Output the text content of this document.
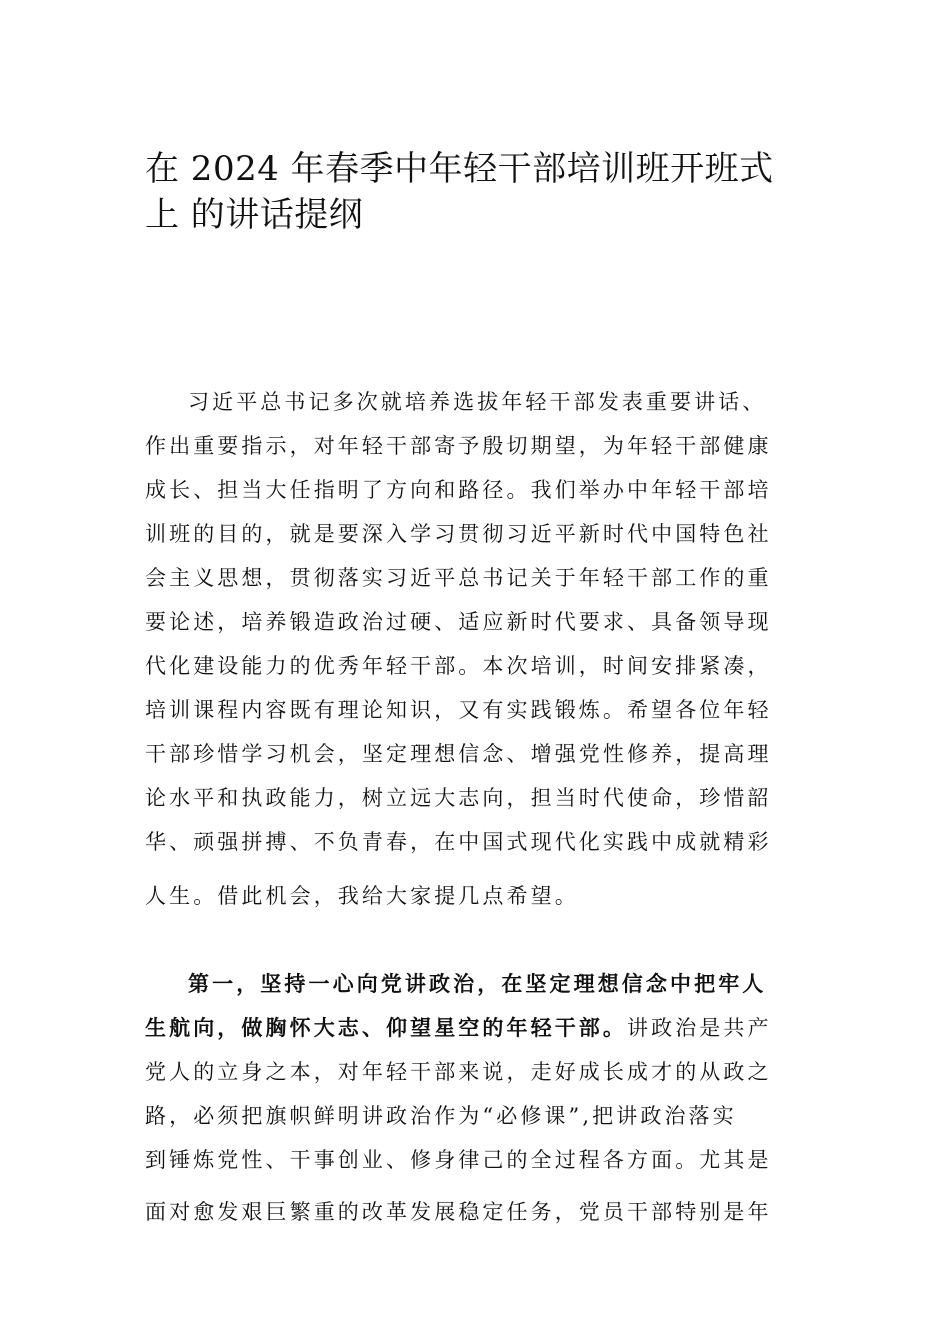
在 2024 年春季中年轻干部培训班开班式
上 的讲话提纲
习近平总书记多次就培养选拔年轻干部发表重要讲话、
作出重要指示，对年轻干部寄予殷切期望，为年轻干部健康
成长、担当大任指明了方向和路径。我们举办中年轻干部培
训班的目的，就是要深入学习贯彻习近平新时代中国特色社
会主义思想，贯彻落实习近平总书记关于年轻干部工作的重
要论述，培养锻造政治过硬、适应新时代要求、具备领导现
代化建设能力的优秀年轻干部。本次培训，时间安排紧凑，
培训课程内容既有理论知识，又有实践锻炼。希望各位年轻
干部珍惜学习机会，坚定理想信念、增强党性修养，提高理
论水平和执政能力，树立远大志向，担当时代使命，珍惜韶
华、顽强拼搏、不负青春，在中国式现代化实践中成就精彩
人生。借此机会，我给大家提几点希望。
第一，坚持一心向党讲政治，在坚定理想信念中把牢人
生航向，做胸怀大志、仰望星空的年轻干部。讲政治是共产
党人的立身之本，对年轻干部来说，走好成长成才的从政之
路，必须把旗帜鲜明讲政治作为“必修课”,把讲政治落实
到锤炼党性、干事创业、修身律己的全过程各方面。尤其是
面对愈发艰巨繁重的改革发展稳定任务，党员干部特别是年
